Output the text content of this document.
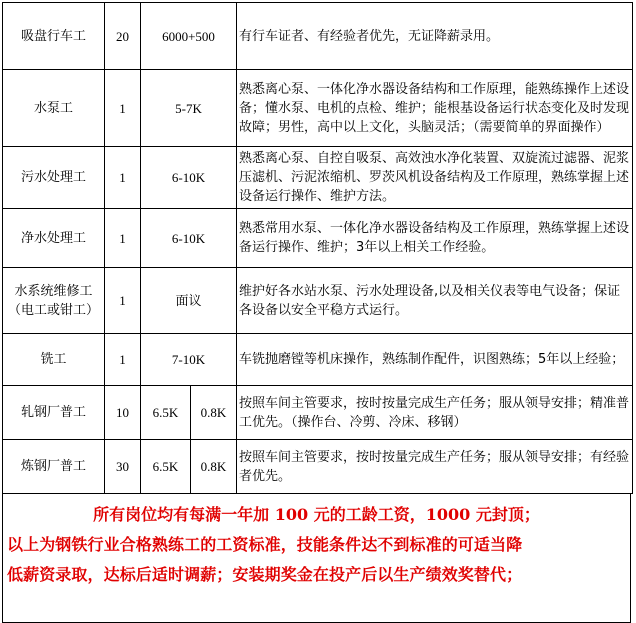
吸盘行车工	20	6000+500		有行车证者、有经验者优先，无证降薪录用。
水泵工	1	5-7K		熟悉离心泵、一体化净水器设备结构和工作原理，能熟练操作上述设备；懂水泵、电机的点检、维护；能根基设备运行状态变化及时发现故障；男性，高中以上文化，头脑灵活；（需要简单的界面操作）
污水处理工	1	6-10K		熟悉离心泵、自控自吸泵、高效浊水净化装置、双旋流过滤器、泥浆压滤机、污泥浓缩机、罗茨风机设备结构及工作原理，熟练掌握上述设备运行操作、维护方法。
净水处理工	1	6-10K		熟悉常用水泵、一体化净水器设备结构及工作原理，熟练掌握上述设备运行操作、维护；3年以上相关工作经验。
水系统维修工（电工或钳工）	1	面议		维护好各水站水泵、污水处理设备,以及相关仪表等电气设备；保证各设备以安全平稳方式运行。
铣工	1	7-10K		车铣抛磨镗等机床操作，熟练制作配件，识图熟练；5年以上经验；
轧钢厂普工	10	6.5K	0.8K	按照车间主管要求，按时按量完成生产任务；服从领导安排；精准普工优先。（操作台、冷剪、冷床、移钢）
炼钢厂普工	30	6.5K	0.8K	按照车间主管要求，按时按量完成生产任务；服从领导安排；有经验者优先。
所有岗位均有每满一年加 100 元的工龄工资，1000 元封顶；
以上为钢铁行业合格熟练工的工资标准，技能条件达不到标准的可适当降
低薪资录取，达标后适时调薪；安装期奖金在投产后以生产绩效奖替代；
